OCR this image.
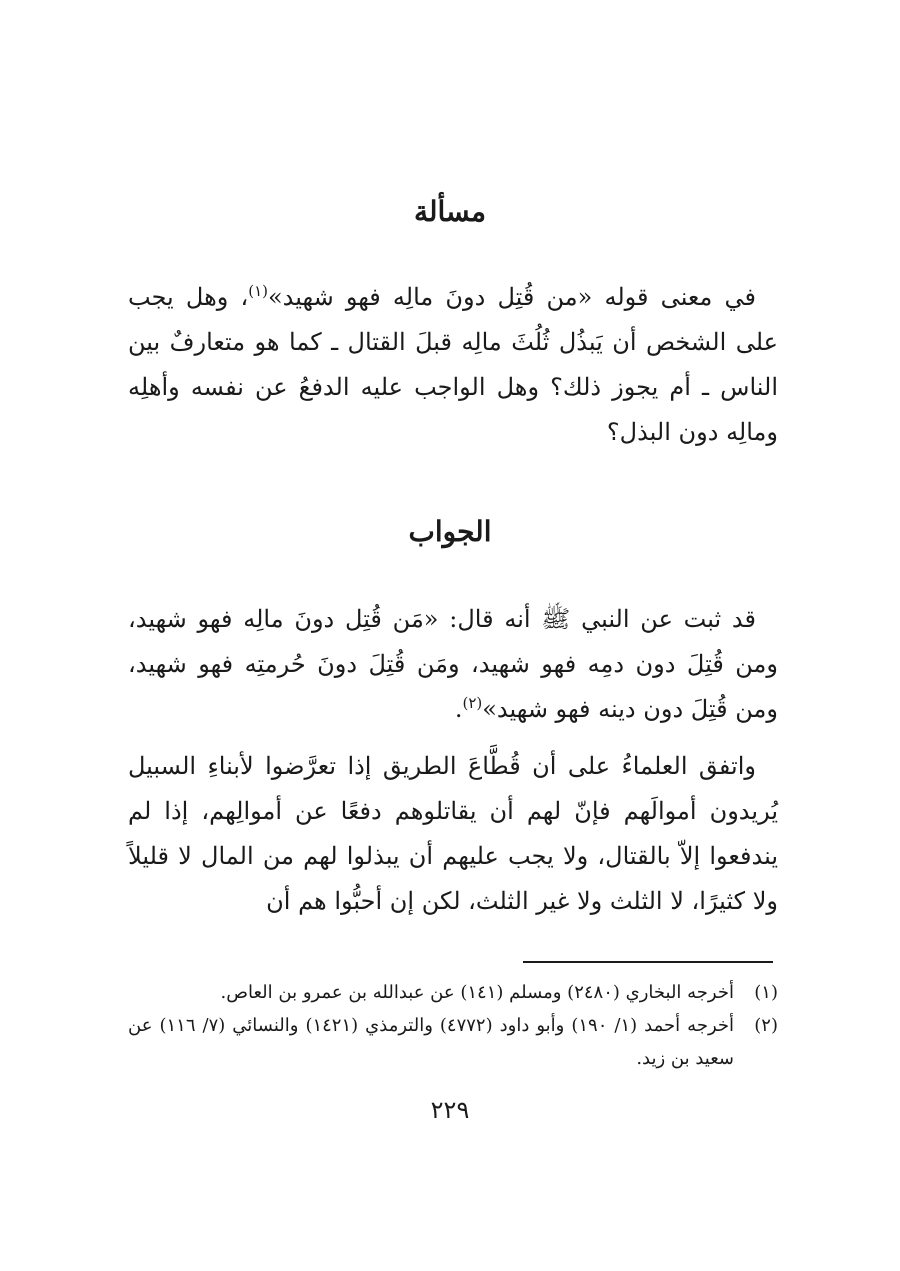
مسألة

في معنى قوله «من قُتِل دونَ مالِه فهو شهيد»$^{(١)}$، وهل يجب على الشخص أن يَبذُل ثُلُثَ مالِه قبلَ القتال ـ كما هو متعارفٌ بين الناس ـ أم يجوز ذلك؟ وهل الواجب عليه الدفعُ عن نفسه وأهلِه ومالِه دون البذل؟

الجواب

قد ثبت عن النبي ﷺ أنه قال: «مَن قُتِل دونَ مالِه فهو شهيد، ومن قُتِلَ دون دمِه فهو شهيد، ومَن قُتِلَ دونَ حُرمتِه فهو شهيد، ومن قُتِلَ دون دينه فهو شهيد»$^{(٢)}$.

واتفق العلماءُ على أن قُطَّاعَ الطريق إذا تعرَّضوا لأبناءِ السبيل يُريدون أموالَهم فإنّ لهم أن يقاتلوهم دفعًا عن أموالِهم، إذا لم يندفعوا إلاّ بالقتال، ولا يجب عليهم أن يبذلوا لهم من المال لا قليلاً ولا كثيرًا، لا الثلث ولا غير الثلث، لكن إن أحبُّوا هم أن

(١)
أخرجه البخاري (٢٤٨٠) ومسلم (١٤١) عن عبدالله بن عمرو بن العاص.
(٢)
أخرجه أحمد (١/ ١٩٠) وأبو داود (٤٧٧٢) والترمذي (١٤٢١) والنسائي (٧/ ١١٦) عن سعيد بن زيد.

٢٢٩
